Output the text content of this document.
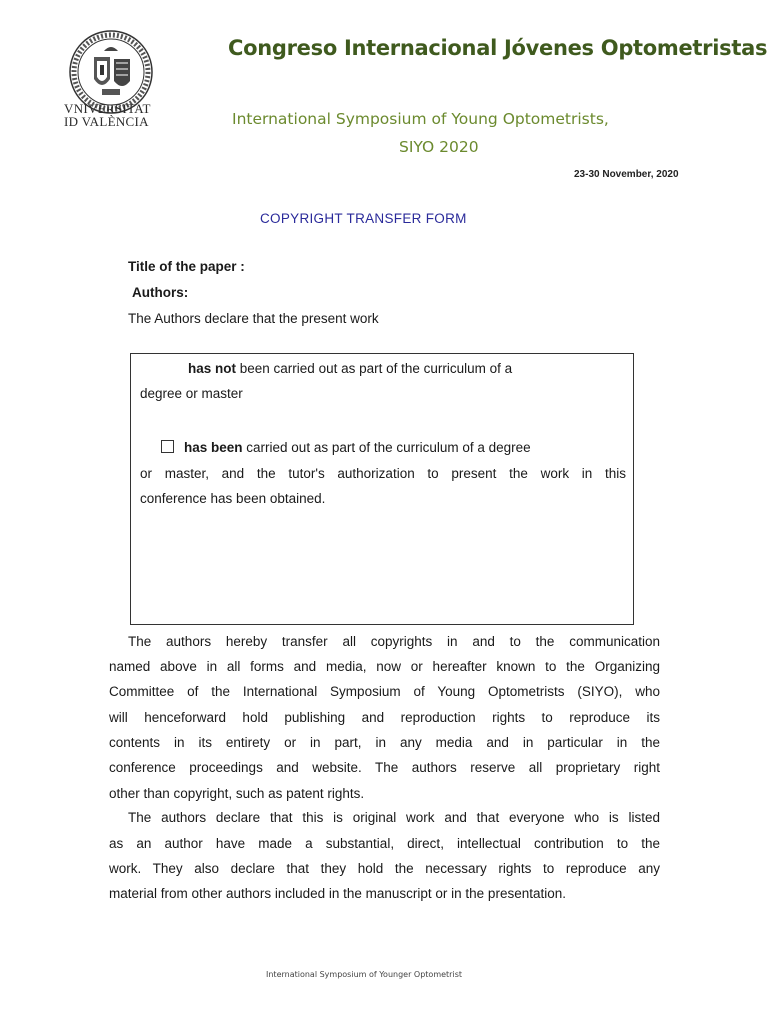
VNIVERSITAT
ID VALÈNCIA
Congreso Internacional Jóvenes Optometristas
International Symposium of Young Optometrists,
SIYO 2020
23-30 November, 2020
COPYRIGHT TRANSFER FORM
Title of the paper :
Authors:
The Authors declare that the present work
has not been carried out as part of the curriculum of a
degree or master
has been carried out as part of the curriculum of a degree
or master, and the tutor's authorization to present the work in this
conference has been obtained.
The authors hereby transfer all copyrights in and to the communication
named above in all forms and media, now or hereafter known to the Organizing
Committee of the International Symposium of Young Optometrists (SIYO), who
will henceforward hold publishing and reproduction rights to reproduce its
contents in its entirety or in part, in any media and in particular in the
conference proceedings and website. The authors reserve all proprietary right
other than copyright, such as patent rights.
The authors declare that this is original work and that everyone who is listed
as an author have made a substantial, direct, intellectual contribution to the
work. They also declare that they hold the necessary rights to reproduce any
material from other authors included in the manuscript or in the presentation.
International Symposium of Younger Optometrist
